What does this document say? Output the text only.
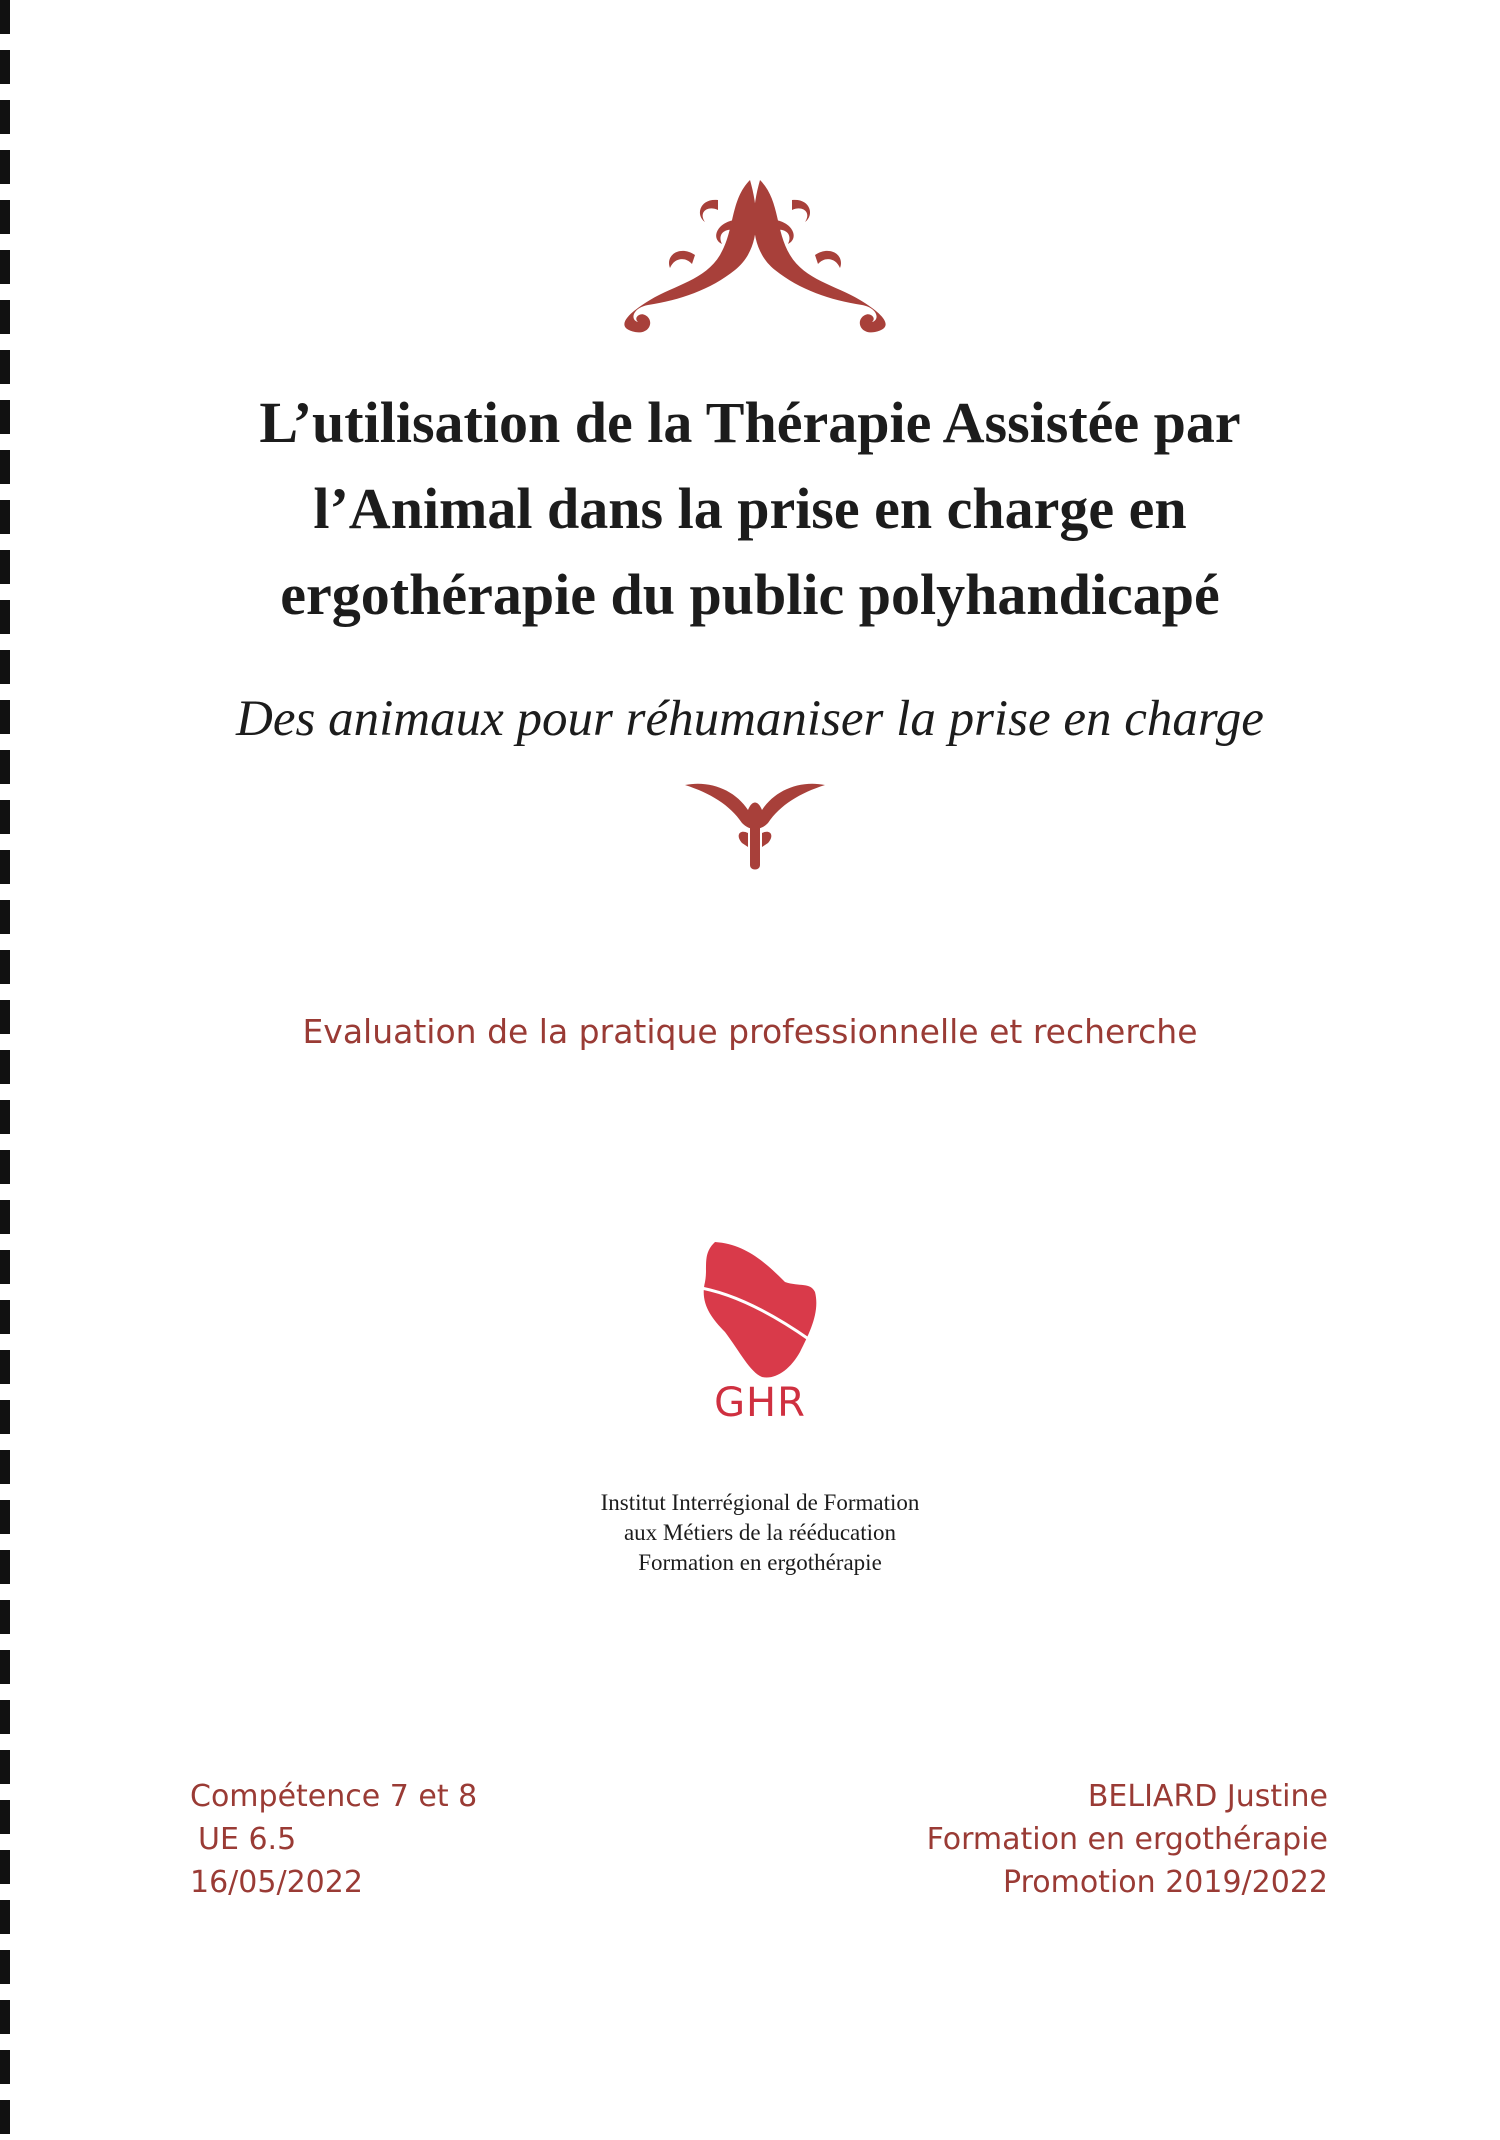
L’utilisation de la Thérapie Assistée par
l’Animal dans la prise en charge en
ergothérapie du public polyhandicapé
Des animaux pour réhumaniser la prise en charge
Evaluation de la pratique professionnelle et recherche
GHR
Institut Interrégional de Formation
aux Métiers de la rééducation
Formation en ergothérapie
Compétence 7 et 8
UE 6.5
16/05/2022
BELIARD Justine
Formation en ergothérapie
Promotion 2019/2022
